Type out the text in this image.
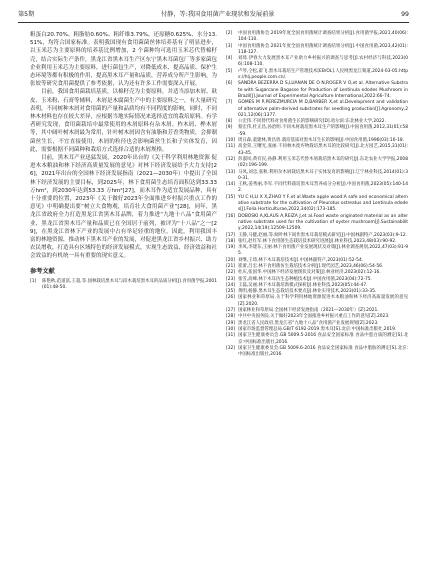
第5期	付静，等:我国食用菌产业现状和发展前景	99

粗蛋白20.70%、粗脂肪0.60%、粗纤维3.79%、还原糖0.625%、水分13.51%，均符合国家标准。表明我国现有食用菌菌丝体培养基有了明显进步，以玉米芯为主要原料的培养基比例增加，2 个菌种均可选用玉米芯代替棉籽壳，结合实际生产条件，黑龙江省黑木耳生产区东宁黑木耳菌包厂等多家菌包企业利用玉米芯为主要原料，进行菌包生产，对降低成本、提高品质、保护生态环境等都有积极的作用，提高黑木耳产量和品质，营养成分所产生影响，为张姣等研究食用菌提供了参考依据，认为还有许多工作需要深入开展。

目前，我国食用菌栽培基质，以棉籽壳为主要原料，并适当添加木屑、麸皮、玉米粉、石膏等辅料，木屑是木腐菌生产中的主要原料之一，有大量研究表明，不同树种木屑对食用菌的产量和品质均有不同程度的影响，同时，不同林木材料也存在较大差异，应根据当地实际情况来选择适宜的栽培原料。有学者研究发现，食用菌栽培中最常使用的木屑原料有杂木屑、柞木屑、桦木屑等，其中阔叶树木屑最为常用，针叶树木屑因含有油脂和芳香类物质，会抑制菌丝生长，不宜直接使用，木屑的粒径也会影响菌丝生长和子实体发育，因此，需要根据不同菌种和栽培方式选择合适的木屑规格。

目前，黑木耳产业迅猛发展，2020年出台的《关于科学利用林地资源 促进木本粮油和林下经济高质量发展的意见》对林下经济发展给予大力支持[26]，2021年出台的全国林下经济发展指南（2021—2030年）中提出了全国林下经济发展的主要目标，到2025年，林下食用菌生态培育面积达到33.33 万hm²，到2030年达到53.33 万hm²[27]，而木耳作为适宜发展品种，具有十分重要的位置，2023年《关于做好2023年全面推进乡村振兴重点工作的意见》中明确提出要“树立大食物观，培育壮大食用菌产业”[28]，同年，黑龙江省政府全力打造黑龙江省黑木耳品牌，着力推进“九地十八品”食用菌产业，黑龙江省黑木耳产量和品质已在全国居于前列，被评为“十八品”之一[29]，在黑龙江省林下产业的发展中占有举足轻重的地位，因此，利用我国丰富的林地资源，推动林下黑木耳产业的发展，对促进黑龙江省乡村振兴、助力农民增收，打造具有区域特色的经济发展模式，实现生态效益、经济效益和社会效益的有机统一具有重要的现实意义。

参考文献
[1]	陈艳秋,范道富,王超,等.园林栽培黑木耳与段木栽培黑木耳的品质分析[J].食用菌学报,2001(01):48-50.
[2]	中国食用菌协会.2019年度全国食用菌统计调查结果分析[J].食用菌学报,2021,40(06):104-110.
[3]	中国食用菌协会.2021年度全国食用菌统计调查结果分析[J].中国食用菌,2023,42(01):118-127.
[4]	刘琦.伊春大力发展黑木耳产业助力乡村振兴的调查与思考[J].农村经济与科技,2023(06):108-110.
[5]	卢琴,仝松,翟飞.黑木耳栽培生产管理技术[EB/OL].人民网黑龙江频道,2024-03-05.https://hlj.people.com.cn/.
[6]	SANDRA BEZERRA D S,LUANAN DE O N,ROGER V O,et al. Alternative Substrate with Sugarcane Bagasse for Production of Lentinula edodes Mushroom in Brazil[J].Journal of Experimental Agriculture International,2022:66-74.
[7]	GOMES M P,PEREZMURCIA M D,BARBER X,et al.Development and validation of alternative palm-derived substrates for seedling production[J].Agronomy,2021,12(06):1377.
[8]	公宏伟.不同替代料对食用菌生长的影响研究[D].哈尔滨:东北林业大学,2022.
[9]	蔡宏伟,杜正昌,孙治明.不同木屑栽培黑木耳生产的影响[J].中国食用菌,2012,31(01):58-59.
[10] 周日森,童建林,黄昌勇.栽培基质对黑木耳生长的影响[J].中国食用菌,1996(03):16-18.
[11] 高金荣,王曙光,张丽.不同林木废弃物栽培黑木耳的比较研究[J].北方园艺,2015,31(01):43-45.
[12] 彭淑凤,黄有民,孙静.利用玉米芯代替木屑栽培黑木耳的研究[J].东北农业大学学报,2008(02):196-199.
[13] 马凤,刘忠,张秋.利用杂木屑栽培黑木耳子实体发育的影响[J].辽宁林业科技,2014(01):30-31.
[14] 王秋,姜秀丽,李军.不同代料栽培黑木耳营养成分分析[J].中国食用菌,2023(05):140-142.
[15] YU C H,LI X X,ZHAO Y F,et al.Waste apple wood:A safe and economical alternative substrate for the cultivation of Pleurotus ostreatus and Lentinula edodes[J].Folia Horticulturae,2022,34(02):173-185.
[16] DOBOSKI A,KLAUS A,REIZA J,et al.Food waste originated material as an alternative substrate used for the cultivation of oyster mushroom[J].Sustainability,2022,14(19):12509-12509.
[17] 王静,马健,赵丽,等.阔叶林下间作黑木耳栽培模式研究[J].中国林副特产,2023(03):9-12.
[18] 张红,赵红军.林下食用菌生态栽培技术研究进展[J].林业科技,2023,48(03):90-92.
[19] 李凤,李建东,王丽.林下食用菌产业发展现状及对策[J].林业调查规划,2022,47(03):91-95.
[20] 刘继,王琦.林下木耳栽培技术[J].中国林副特产,2023(01):52-54.
[21] 崔蕾,吕宏.林下食用菌仿生栽培技术分析[J].现代园艺,2023,46(06):54-56.
[22] 杜庆,张国华.中国林下经济发展现状及对策[J].林业经济,2023(02):12-16.
[23] 张雪,高峰.林下木耳仿生态种植技术[J].中国食用菌,2023(04):72-75.
[24] 王磊,吴丽.林下木耳栽培新模式探析[J].林业科技,2023(05):44-47.
[25] 黄明,杨静.黑木耳生态栽培技术要点[J].林业实用技术,2023(01):33-35.
[26] 国家林业和草原局.关于科学利用林地资源促进木本粮油和林下经济高质量发展的意见[Z].2020.
[27] 国家林业和草原局.全国林下经济发展指南（2021—2030年）[Z].2021.
[28] 中共中央国务院.关于做好2023年全面推进乡村振兴重点工作的意见[Z].2023.
[29] 黑龙江省人民政府.黑龙江省“九地十八品”食用菌产业发展规划[Z].2023.
[30] 国家市场监督管理总局.GB/T 6192-2019 黑木耳[S].北京:中国标准出版社,2019.
[31] 国家卫生健康委员会.GB 5009.5-2016 食品安全国家标准 食品中蛋白质的测定[S].北京:中国标准出版社,2016.
[32] 国家卫生健康委员会.GB 5009.6-2016 食品安全国家标准 食品中脂肪的测定[S].北京:中国标准出版社,2016.
